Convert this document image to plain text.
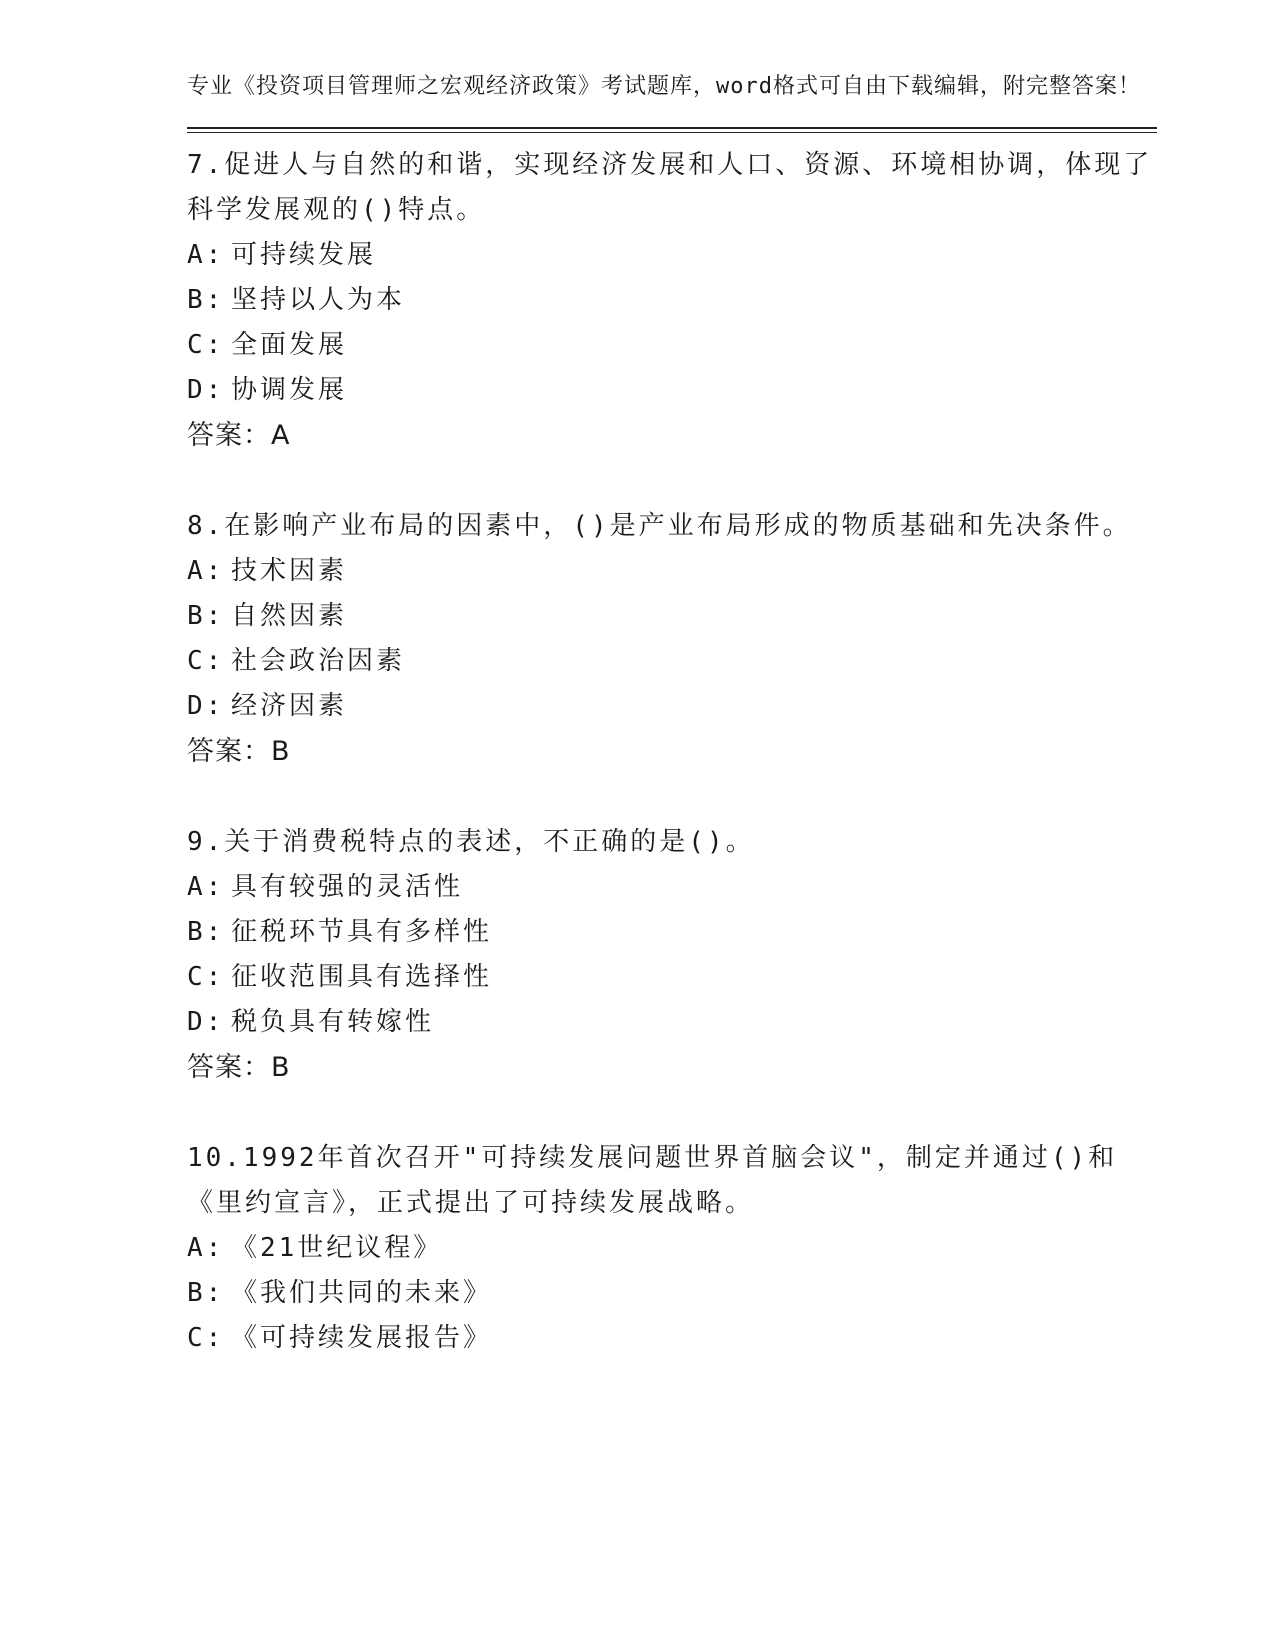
专业《投资项目管理师之宏观经济政策》考试题库，word格式可自由下载编辑，附完整答案！
7.促进人与自然的和谐，实现经济发展和人口、资源、环境相协调，体现了科学发展观的()特点。
A: 可持续发展
B: 坚持以人为本
C: 全面发展
D: 协调发展
答案：A
8.在影响产业布局的因素中，()是产业布局形成的物质基础和先决条件。
A: 技术因素
B: 自然因素
C: 社会政治因素
D: 经济因素
答案：B
9.关于消费税特点的表述，不正确的是()。
A: 具有较强的灵活性
B: 征税环节具有多样性
C: 征收范围具有选择性
D: 税负具有转嫁性
答案：B
10.1992年首次召开"可持续发展问题世界首脑会议"，制定并通过()和《里约宣言》，正式提出了可持续发展战略。
A: 《21世纪议程》
B: 《我们共同的未来》
C: 《可持续发展报告》
